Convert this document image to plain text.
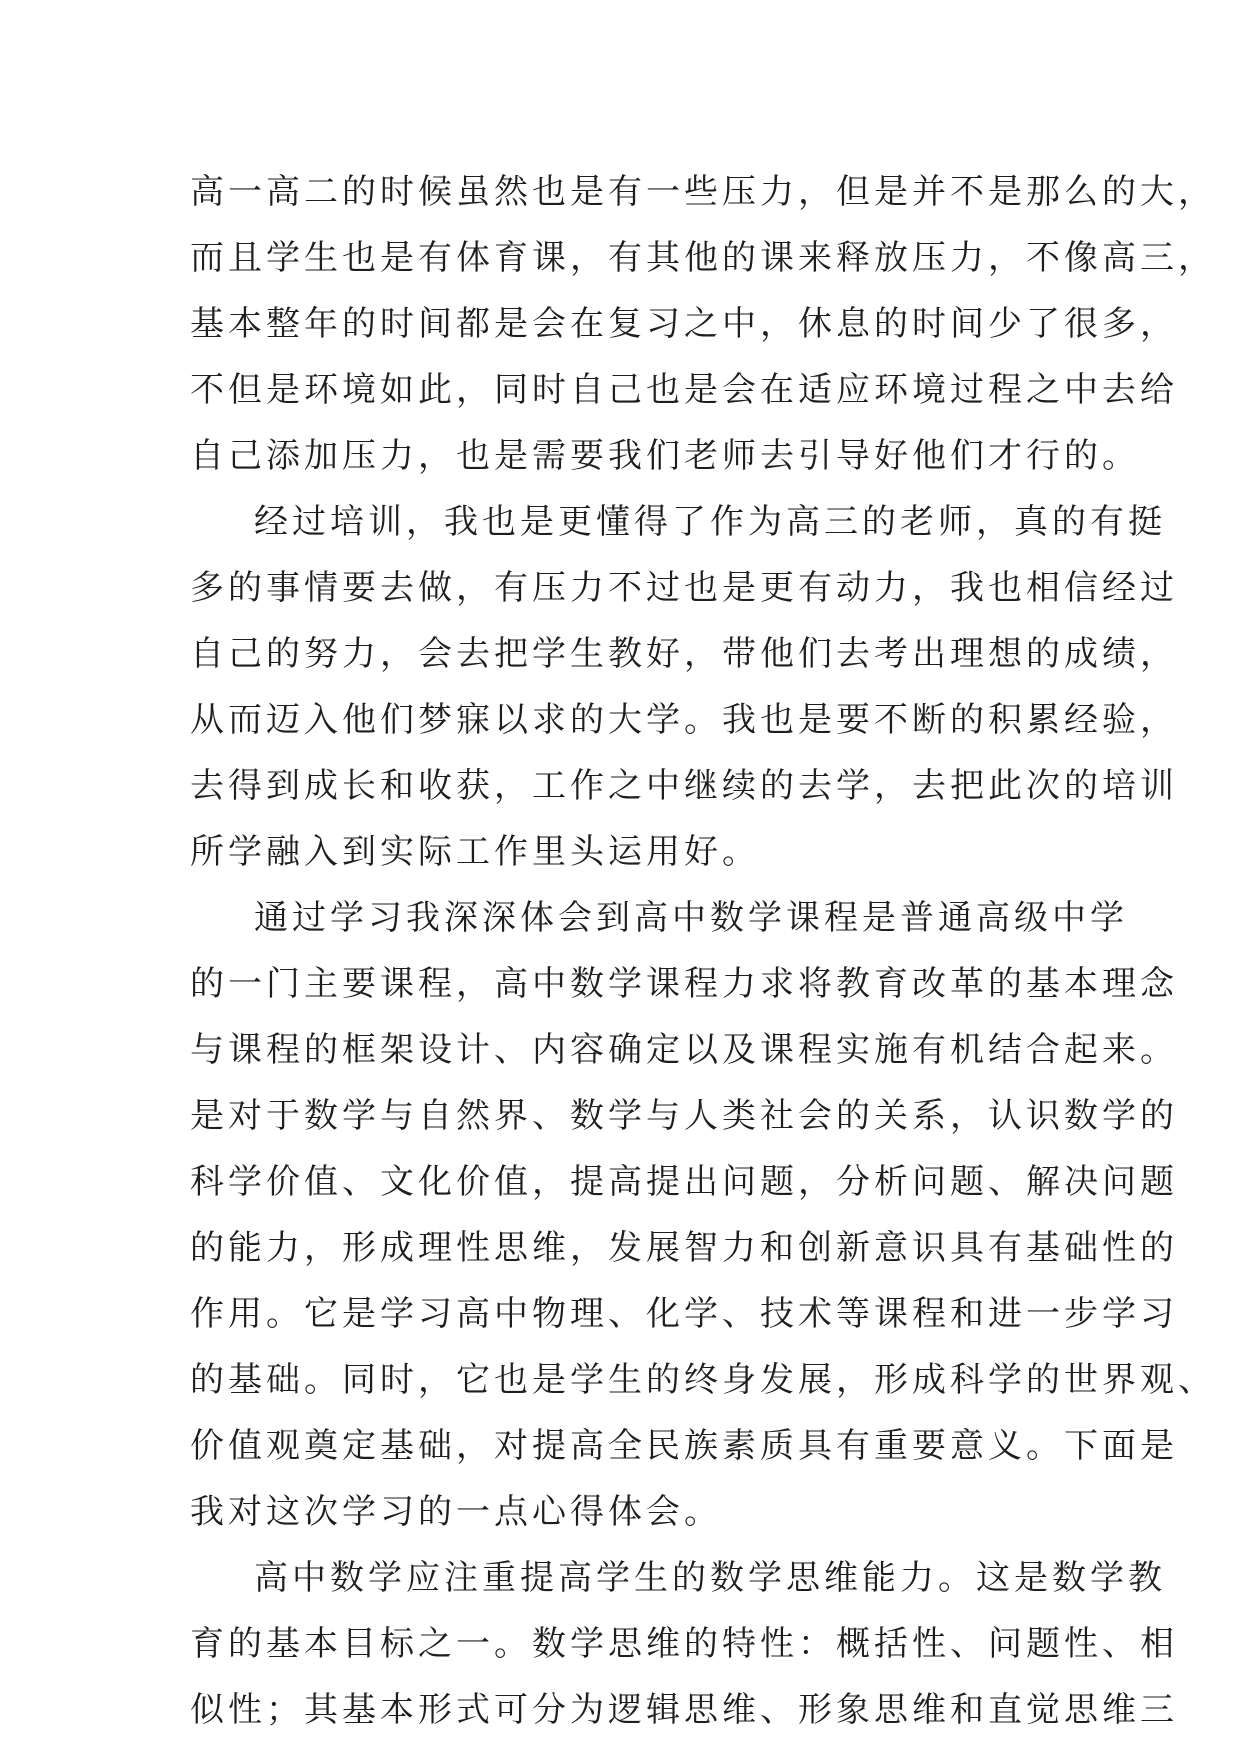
高一高二的时候虽然也是有一些压力，但是并不是那么的大，
而且学生也是有体育课，有其他的课来释放压力，不像高三，
基本整年的时间都是会在复习之中，休息的时间少了很多，
不但是环境如此，同时自己也是会在适应环境过程之中去给
自己添加压力，也是需要我们老师去引导好他们才行的。
经过培训，我也是更懂得了作为高三的老师，真的有挺
多的事情要去做，有压力不过也是更有动力，我也相信经过
自己的努力，会去把学生教好，带他们去考出理想的成绩，
从而迈入他们梦寐以求的大学。我也是要不断的积累经验，
去得到成长和收获，工作之中继续的去学，去把此次的培训
所学融入到实际工作里头运用好。
通过学习我深深体会到高中数学课程是普通高级中学
的一门主要课程，高中数学课程力求将教育改革的基本理念
与课程的框架设计、内容确定以及课程实施有机结合起来。
是对于数学与自然界、数学与人类社会的关系，认识数学的
科学价值、文化价值，提高提出问题，分析问题、解决问题
的能力，形成理性思维，发展智力和创新意识具有基础性的
作用。它是学习高中物理、化学、技术等课程和进一步学习
的基础。同时，它也是学生的终身发展，形成科学的世界观、
价值观奠定基础，对提高全民族素质具有重要意义。下面是
我对这次学习的一点心得体会。
高中数学应注重提高学生的数学思维能力。这是数学教
育的基本目标之一。数学思维的特性：概括性、问题性、相
似性；其基本形式可分为逻辑思维、形象思维和直觉思维三
